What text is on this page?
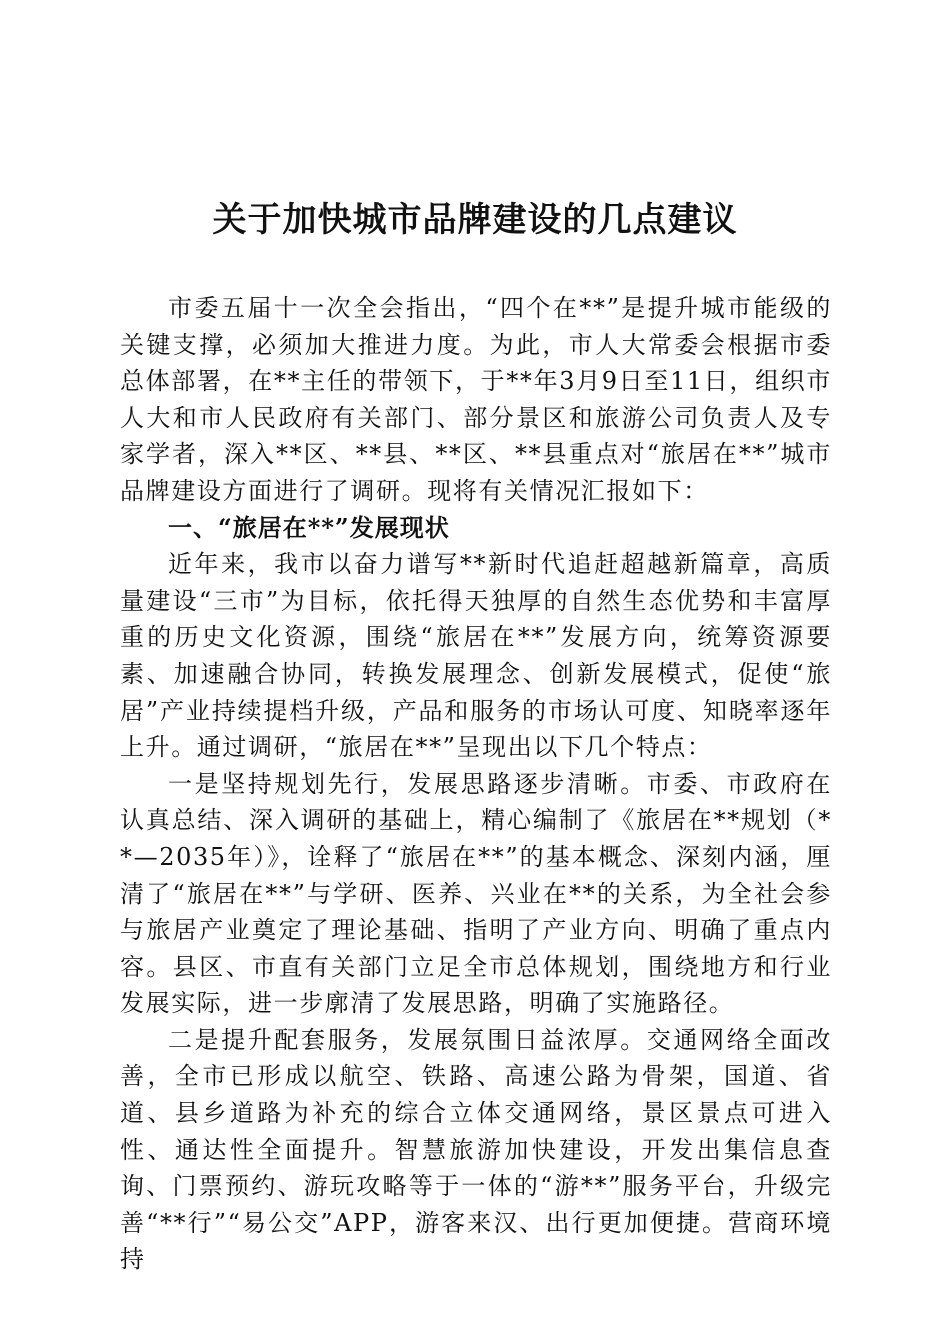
关于加快城市品牌建设的几点建议

市委五届十一次全会指出，“四个在**”是提升城市能级的关键支撑，必须加大推进力度。为此，市人大常委会根据市委总体部署，在**主任的带领下，于**年3月9日至11日，组织市人大和市人民政府有关部门、部分景区和旅游公司负责人及专家学者，深入**区、**县、**区、**县重点对“旅居在**”城市品牌建设方面进行了调研。现将有关情况汇报如下：

一、“旅居在**”发展现状

近年来，我市以奋力谱写**新时代追赶超越新篇章，高质量建设“三市”为目标，依托得天独厚的自然生态优势和丰富厚重的历史文化资源，围绕“旅居在**”发展方向，统筹资源要素、加速融合协同，转换发展理念、创新发展模式，促使“旅居”产业持续提档升级，产品和服务的市场认可度、知晓率逐年上升。通过调研，“旅居在**”呈现出以下几个特点：

一是坚持规划先行，发展思路逐步清晰。市委、市政府在认真总结、深入调研的基础上，精心编制了《旅居在**规划（**—2035年）》，诠释了“旅居在**”的基本概念、深刻内涵，厘清了“旅居在**”与学研、医养、兴业在**的关系，为全社会参与旅居产业奠定了理论基础、指明了产业方向、明确了重点内容。县区、市直有关部门立足全市总体规划，围绕地方和行业发展实际，进一步廓清了发展思路，明确了实施路径。

二是提升配套服务，发展氛围日益浓厚。交通网络全面改善，全市已形成以航空、铁路、高速公路为骨架，国道、省道、县乡道路为补充的综合立体交通网络，景区景点可进入性、通达性全面提升。智慧旅游加快建设，开发出集信息查询、门票预约、游玩攻略等于一体的“游**”服务平台，升级完善“**行”“易公交”APP，游客来汉、出行更加便捷。营商环境持
